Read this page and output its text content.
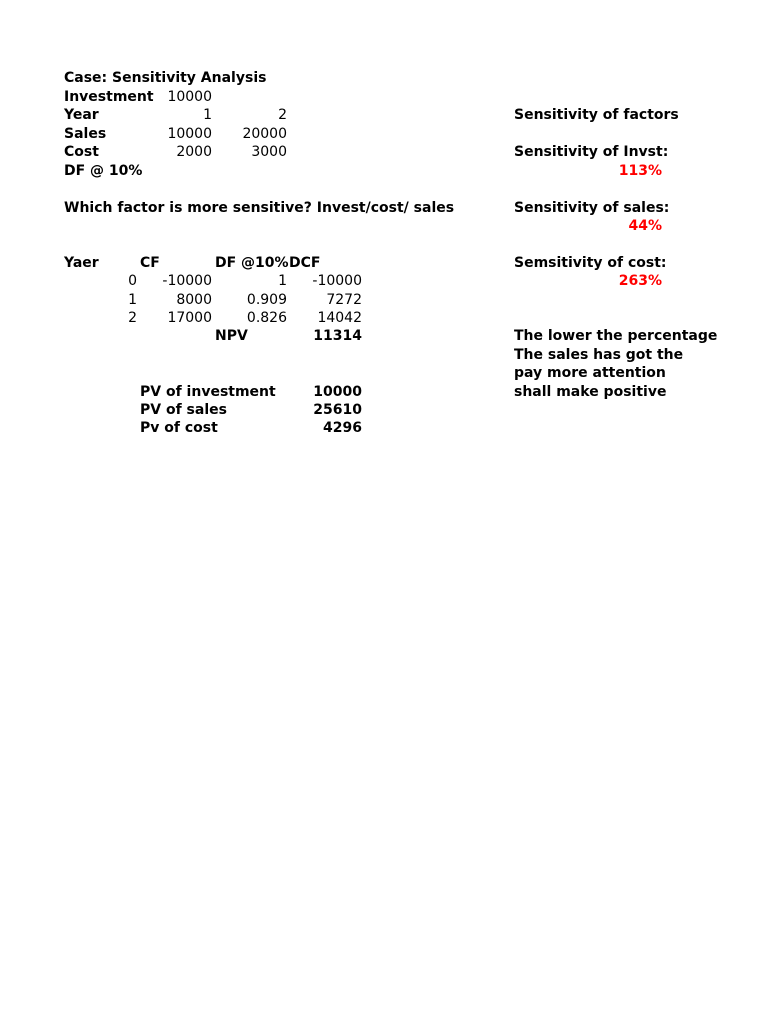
Case: Sensitivity Analysis
Investment 10000
Year	1	2
Sales	10000	20000
Cost	2000	3000
DF @ 10%
Which factor is more sensitive? Invest/cost/ sales
Yaer	CF	DF @10% DCF
0	-10000	1	-10000
1	8000	0.909	7272
2	17000	0.826	14042
NPV	11314
PV of investment	10000
PV of sales	25610
Pv of cost	4296
Sensitivity of factors
Sensitivity of Invst:
113%
Sensitivity of sales:
44%
Semsitivity of cost:
263%
The lower the percentage
The sales has got the
pay more attention
shall make positive
